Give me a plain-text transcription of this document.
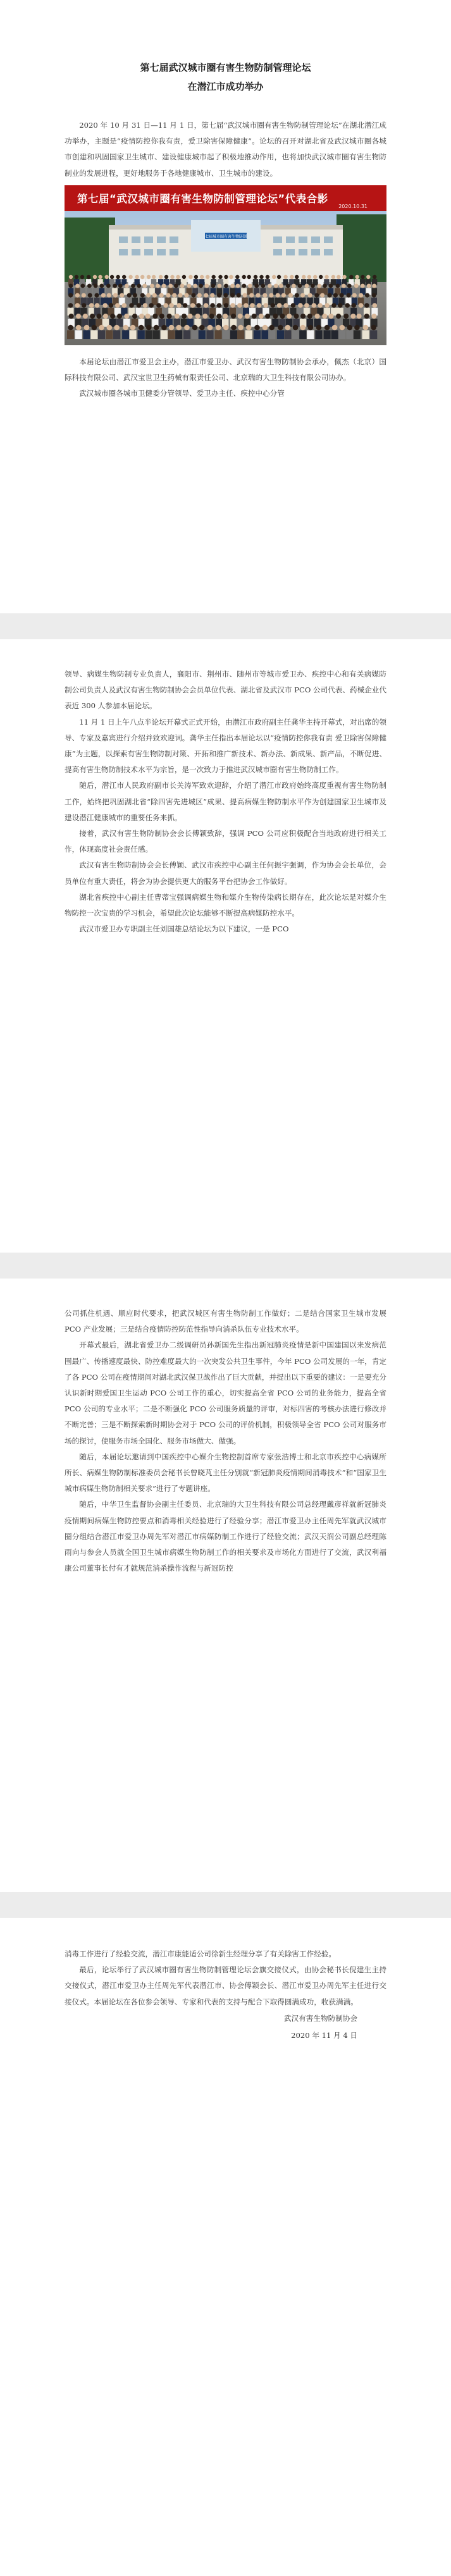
第七届武汉城市圈有害生物防制管理论坛
在潜江市成功举办

2020 年 10 月 31 日—11 月 1 日，第七届“武汉城市圈有害生物防制管理论坛”在湖北潜江成功举办，主题是“疫情防控你我有责，爱卫除害保障健康”。论坛的召开对湖北省及武汉城市圈各城市创建和巩固国家卫生城市、建设健康城市起了积极地推动作用，也将加快武汉城市圈有害生物防制业的发展进程，更好地服务于各地健康城市、卫生城市的建设。

第七届“武汉城市圈有害生物防制管理论坛”代表合影
2020.10.31
七届城市圈有害生物防制

本届论坛由潜江市爱卫会主办，潜江市爱卫办、武汉有害生物防制协会承办，佩杰（北京）国际科技有限公司、武汉宝世卫生药械有限责任公司、北京瑞的大卫生科技有限公司协办。

武汉城市圈各城市卫健委分管领导、爱卫办主任、疾控中心分管

领导、病媒生物防制专业负责人，襄阳市、荆州市、随州市等城市爱卫办、疾控中心和有关病媒防制公司负责人及武汉有害生物防制协会会员单位代表、湖北省及武汉市 PCO 公司代表、药械企业代表近 300 人参加本届论坛。

11 月 1 日上午八点半论坛开幕式正式开始，由潜江市政府副主任龚华主持开幕式，对出席的领导、专家及嘉宾进行介绍并致欢迎词。龚华主任指出本届论坛以“疫情防控你我有责 爱卫除害保障健康”为主题，以探索有害生物防制对策、开拓和推广新技术、新办法、新成果、新产品，不断促进、提高有害生物防制技术水平为宗旨，是一次致力于推进武汉城市圈有害生物防制工作。

随后，潜江市人民政府副市长关涛军致欢迎辞，介绍了潜江市政府始终高度重视有害生物防制工作，始终把巩固湖北省“除四害先进城区”成果、提高病媒生物防制水平作为创建国家卫生城市及建设潜江健康城市的重要任务来抓。

接着，武汉有害生物防制协会会长傅颖致辞，强调 PCO 公司应积极配合当地政府进行相关工作，体现高度社会责任感。

武汉有害生物防制协会会长傅颖、武汉市疾控中心副主任何振宇强调，作为协会会长单位，会员单位有重大责任，将会为协会提供更大的服务平台把协会工作做好。

湖北省疾控中心副主任曹蒂宝强调病媒生物和媒介生物传染病长期存在，此次论坛是对媒介生物防控一次宝贵的学习机会，希望此次论坛能够不断提高病媒防控水平。

武汉市爱卫办专职副主任刘国雄总结论坛为以下建议，一是 PCO

公司抓住机遇、顺应时代要求，把武汉城区有害生物防制工作做好；二是结合国家卫生城市发展 PCO 产业发展；三是结合疫情防控防范性指导向消杀队伍专业技术水平。

开幕式最后，湖北省爱卫办二级调研员孙新国先生指出新冠肺炎疫情是新中国建国以来发病范围最广、传播速度最快、防控难度最大的一次突发公共卫生事件，今年 PCO 公司发展的一年，肯定了各 PCO 公司在疫情期间对湖北武汉保卫战作出了巨大贡献，并提出以下重要的建议：一是要充分认识新时期爱国卫生运动 PCO 公司工作的重心，切实提高全省 PCO 公司的业务能力，提高全省 PCO 公司的专业水平；二是不断强化 PCO 公司服务质量的评审，对标四害的考核办法进行修改并不断完善；三是不断探索新时期协会对于 PCO 公司的评价机制，积极领导全省 PCO 公司对服务市场的探讨，使服务市场全国化、服务市场做大、做强。

随后，本届论坛邀请到中国疾控中心媒介生物控制首席专家张浩博士和北京市疾控中心病媒所所长、病媒生物防制标准委员会秘书长曾晓芃主任分别就“新冠肺炎疫情期间消毒技术”和“国家卫生城市病媒生物防制相关要求”进行了专题讲座。

随后，中华卫生监督协会副主任委员、北京瑞的大卫生科技有限公司总经理戴彦祥就新冠肺炎疫情期间病媒生物防控要点和消毒相关经验进行了经验分享；潜江市爱卫办主任周先军就武汉城市圈分组结合潜江市爱卫办周先军对潜江市病媒防制工作进行了经验交流；武汉天润公司副总经理陈雨向与参会人员就全国卫生城市病媒生物防制工作的相关要求及市场化方面进行了交流，武汉利福康公司董事长付有才就规范消杀操作流程与新冠防控

消毒工作进行了经验交流，潜江市康能适公司徐新生经理分享了有关除害工作经验。

最后，论坛举行了武汉城市圈有害生物防制管理论坛会旗交接仪式，由协会秘书长倪建生主持交接仪式，潜江市爱卫办主任周先军代表潜江市、协会傅颖会长、潜江市爱卫办周先军主任进行交接仪式。本届论坛在各位参会领导、专家和代表的支持与配合下取得圆满成功，收获满满。

武汉有害生物防制协会
2020 年 11 月 4 日
